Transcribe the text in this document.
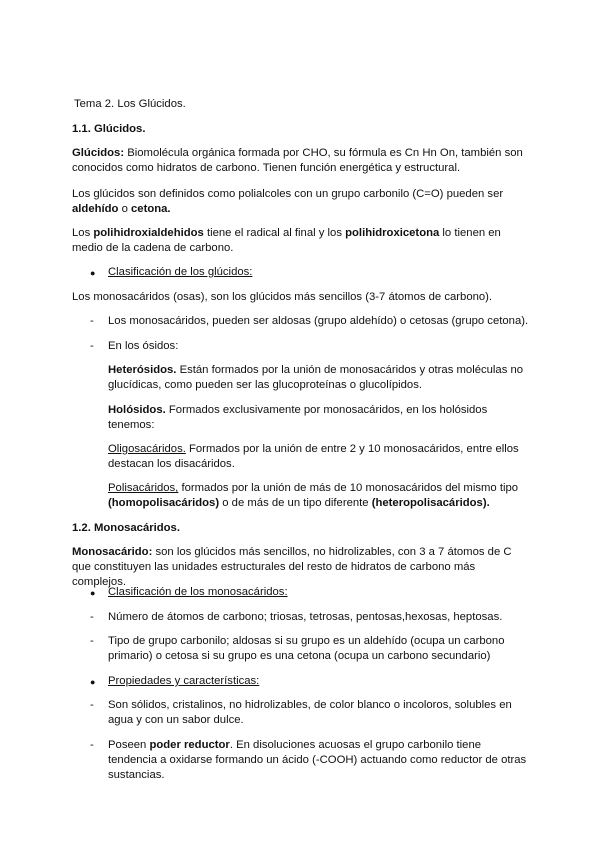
Tema 2. Los Glúcidos.
1.1. Glúcidos.
Glúcidos: Biomolécula orgánica formada por CHO, su fórmula es Cn Hn On, también son conocidos como hidratos de carbono. Tienen función energética y estructural.
Los glúcidos son definidos como polialcoles con un grupo carbonilo (C=O) pueden ser aldehído o cetona.
Los polihidroxialdehidos tiene el radical al final y los polihidroxicetona lo tienen en medio de la cadena de carbono.
● Clasificación de los glúcidos:
Los monosacáridos (osas), son los glúcidos más sencillos (3-7 átomos de carbono).
- Los monosacáridos, pueden ser aldosas (grupo aldehído) o cetosas (grupo cetona).
- En los ósidos:
Heterósidos. Están formados por la unión de monosacáridos y otras moléculas no glucídicas, como pueden ser las glucoproteínas o glucolípidos.
Holósidos. Formados exclusivamente por monosacáridos, en los holósidos tenemos:
Oligosacáridos. Formados por la unión de entre 2 y 10 monosacáridos, entre ellos destacan los disacáridos.
Polisacáridos, formados por la unión de más de 10 monosacáridos del mismo tipo (homopolisacáridos) o de más de un tipo diferente (heteropolisacáridos).
1.2. Monosacáridos.
Monosacárido: son los glúcidos más sencillos, no hidrolizables, con 3 a 7 átomos de C que constituyen las unidades estructurales del resto de hidratos de carbono más complejos.
● Clasificación de los monosacáridos:
- Número de átomos de carbono; triosas, tetrosas, pentosas,hexosas, heptosas.
- Tipo de grupo carbonilo; aldosas si su grupo es un aldehído (ocupa un carbono primario) o cetosa si su grupo es una cetona (ocupa un carbono secundario)
● Propiedades y características:
- Son sólidos, cristalinos, no hidrolizables, de color blanco o incoloros, solubles en agua y con un sabor dulce.
- Poseen poder reductor. En disoluciones acuosas el grupo carbonilo tiene tendencia a oxidarse formando un ácido (-COOH) actuando como reductor de otras sustancias.
